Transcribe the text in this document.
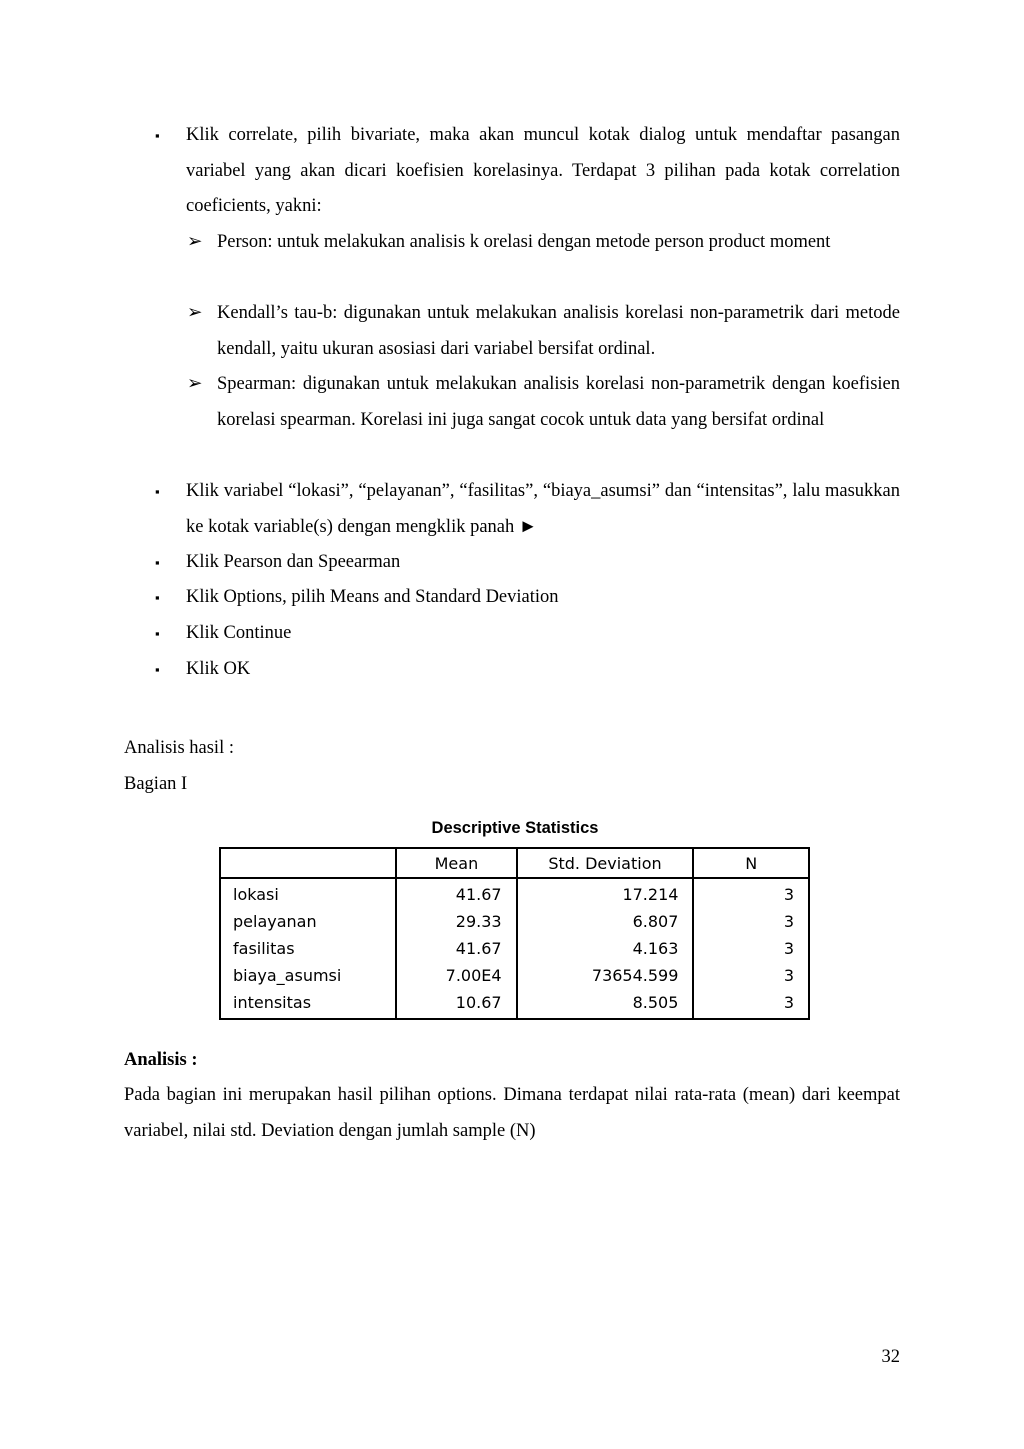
▪ Klik correlate, pilih bivariate, maka akan muncul kotak dialog untuk mendaftar pasangan variabel yang akan dicari koefisien korelasinya. Terdapat 3 pilihan pada kotak correlation coeficients, yakni:
➢ Person: untuk melakukan analisis k orelasi dengan metode person product moment
➢ Kendall’s tau-b: digunakan untuk melakukan analisis korelasi non-parametrik dari metode kendall, yaitu ukuran asosiasi dari variabel bersifat ordinal.
➢ Spearman: digunakan untuk melakukan analisis korelasi non-parametrik dengan koefisien korelasi spearman. Korelasi ini juga sangat cocok untuk data yang bersifat ordinal
▪ Klik variabel “lokasi”, “pelayanan”, “fasilitas”, “biaya_asumsi” dan “intensitas”, lalu masukkan ke kotak variable(s) dengan mengklik panah ►
▪ Klik Pearson dan Speearman
▪ Klik Options, pilih Means and Standard Deviation
▪ Klik Continue
▪ Klik OK
Analisis hasil :
Bagian I
Descriptive Statistics
	Mean	Std. Deviation	N
lokasi	41.67	17.214	3
pelayanan	29.33	6.807	3
fasilitas	41.67	4.163	3
biaya_asumsi	7.00E4	73654.599	3
intensitas	10.67	8.505	3
Analisis :
Pada bagian ini merupakan hasil pilihan options. Dimana terdapat nilai rata-rata (mean) dari keempat variabel, nilai std. Deviation dengan jumlah sample (N)
32
